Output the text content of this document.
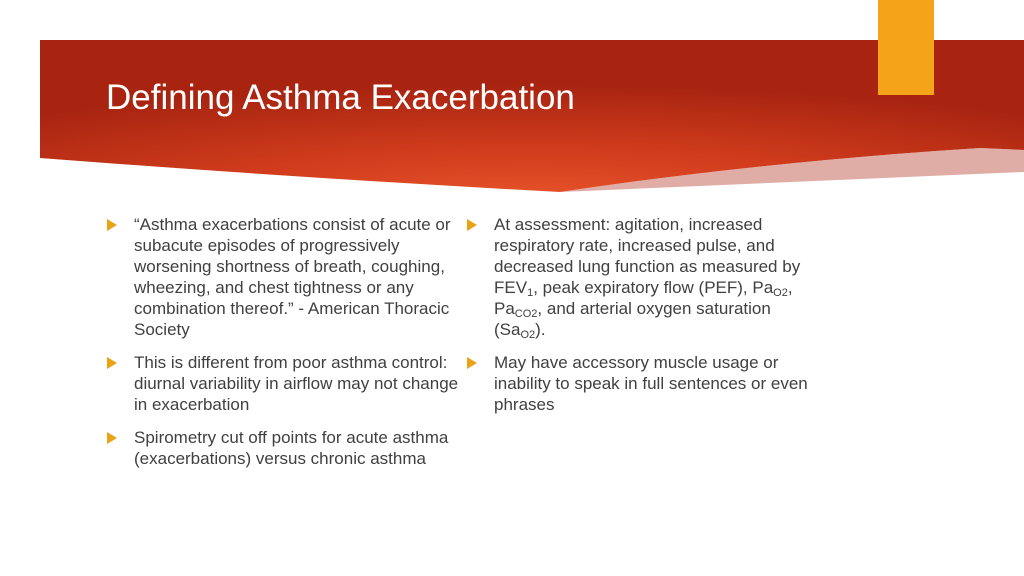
Defining Asthma Exacerbation
“Asthma exacerbations consist of acute or subacute episodes of progressively worsening shortness of breath, coughing, wheezing, and chest tightness or any combination thereof.” - American Thoracic Society
This is different from poor asthma control: diurnal variability in airflow may not change in exacerbation
Spirometry cut off points for acute asthma (exacerbations) versus chronic asthma
At assessment: agitation, increased respiratory rate, increased pulse, and decreased lung function as measured by $FEV_1$, peak expiratory flow (PEF), $Pa_{O2}$, $Pa_{CO2}$, and arterial oxygen saturation $(Sa_{O2})$.
May have accessory muscle usage or inability to speak in full sentences or even phrases
